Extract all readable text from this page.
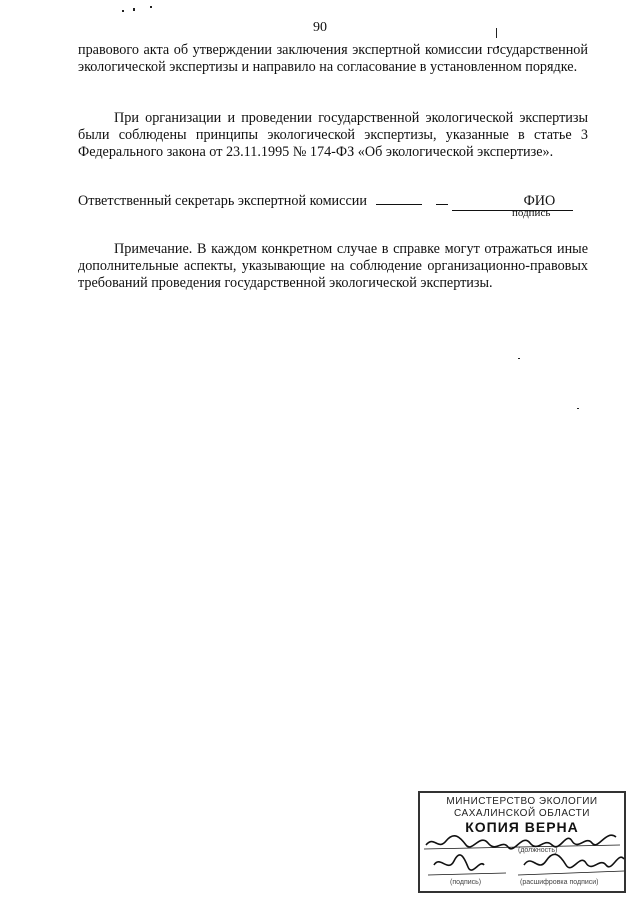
90
правового акта об утверждении заключения экспертной комиссии государственной экологической экспертизы и направило на согласование в установленном порядке.
При организации и проведении государственной экологической экспертизы были соблюдены принципы экологической экспертизы, указанные в статье 3 Федерального закона от 23.11.1995 № 174-ФЗ «Об экологической экспертизе».
Ответственный секретарь экспертной комиссии	ФИО
подпись
Примечание. В каждом конкретном случае в справке могут отражаться иные дополнительные аспекты, указывающие на соблюдение организационно-правовых требований проведения государственной экологической экспертизы.
МИНИСТЕРСТВО ЭКОЛОГИИ
САХАЛИНСКОЙ ОБЛАСТИ
КОПИЯ ВЕРНА
(должность)
(подпись)	(расшифровка подписи)
